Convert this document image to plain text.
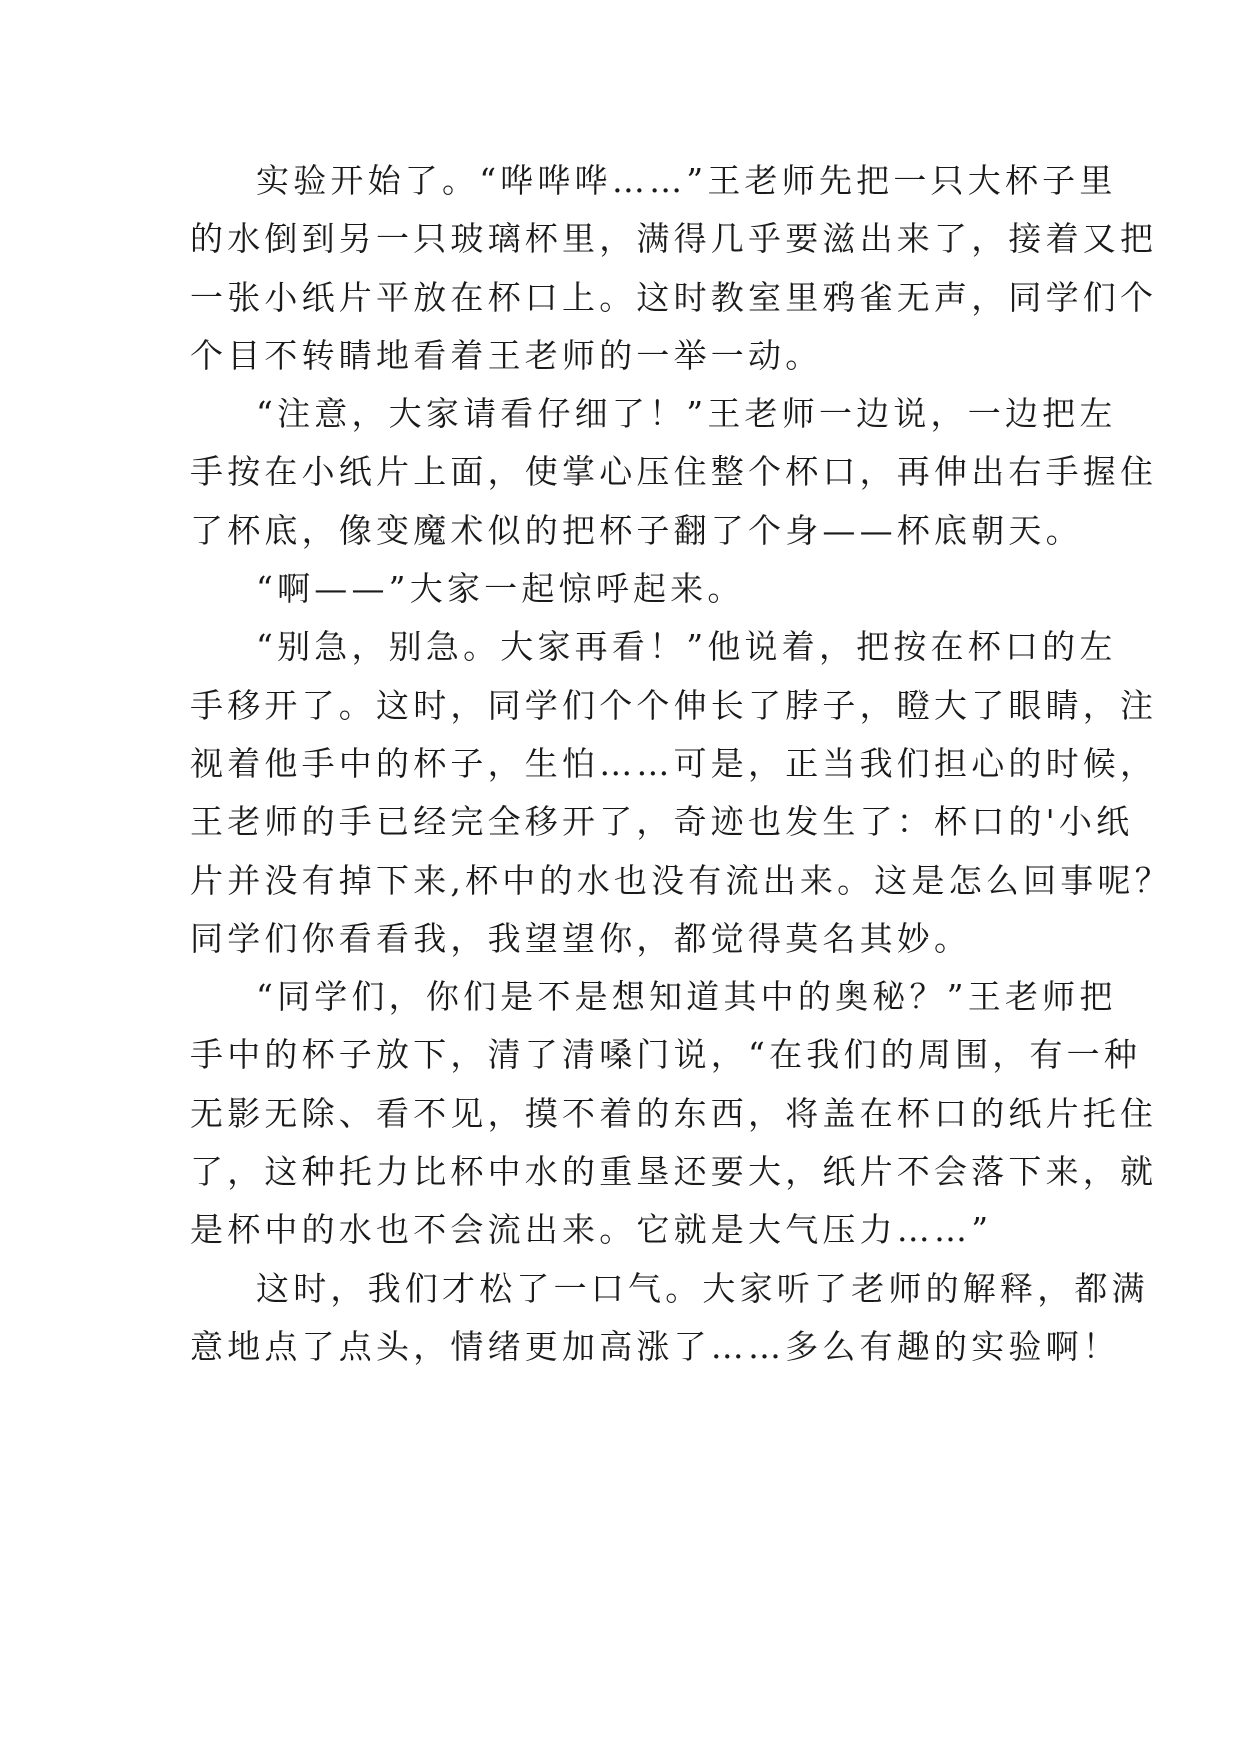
实验开始了。“哗哗哗……”王老师先把一只大杯子里
的水倒到另一只玻璃杯里，满得几乎要滋出来了，接着又把
一张小纸片平放在杯口上。这时教室里鸦雀无声，同学们个
个目不转睛地看着王老师的一举一动。
“注意，大家请看仔细了！”王老师一边说，一边把左
手按在小纸片上面，使掌心压住整个杯口，再伸出右手握住
了杯底，像变魔术似的把杯子翻了个身——杯底朝天。
“啊——”大家一起惊呼起来。
“别急，别急。大家再看！”他说着，把按在杯口的左
手移开了。这时，同学们个个伸长了脖子，瞪大了眼睛，注
视着他手中的杯子，生怕……可是，正当我们担心的时候，
王老师的手已经完全移开了，奇迹也发生了：杯口的'小纸
片并没有掉下来,杯中的水也没有流出来。这是怎么回事呢？
同学们你看看我，我望望你，都觉得莫名其妙。
“同学们，你们是不是想知道其中的奥秘？”王老师把
手中的杯子放下，清了清嗓门说，“在我们的周围，有一种
无影无除、看不见，摸不着的东西，将盖在杯口的纸片托住
了，这种托力比杯中水的重垦还要大，纸片不会落下来，就
是杯中的水也不会流出来。它就是大气压力……”
这时，我们才松了一口气。大家听了老师的解释，都满
意地点了点头，情绪更加高涨了……多么有趣的实验啊！
